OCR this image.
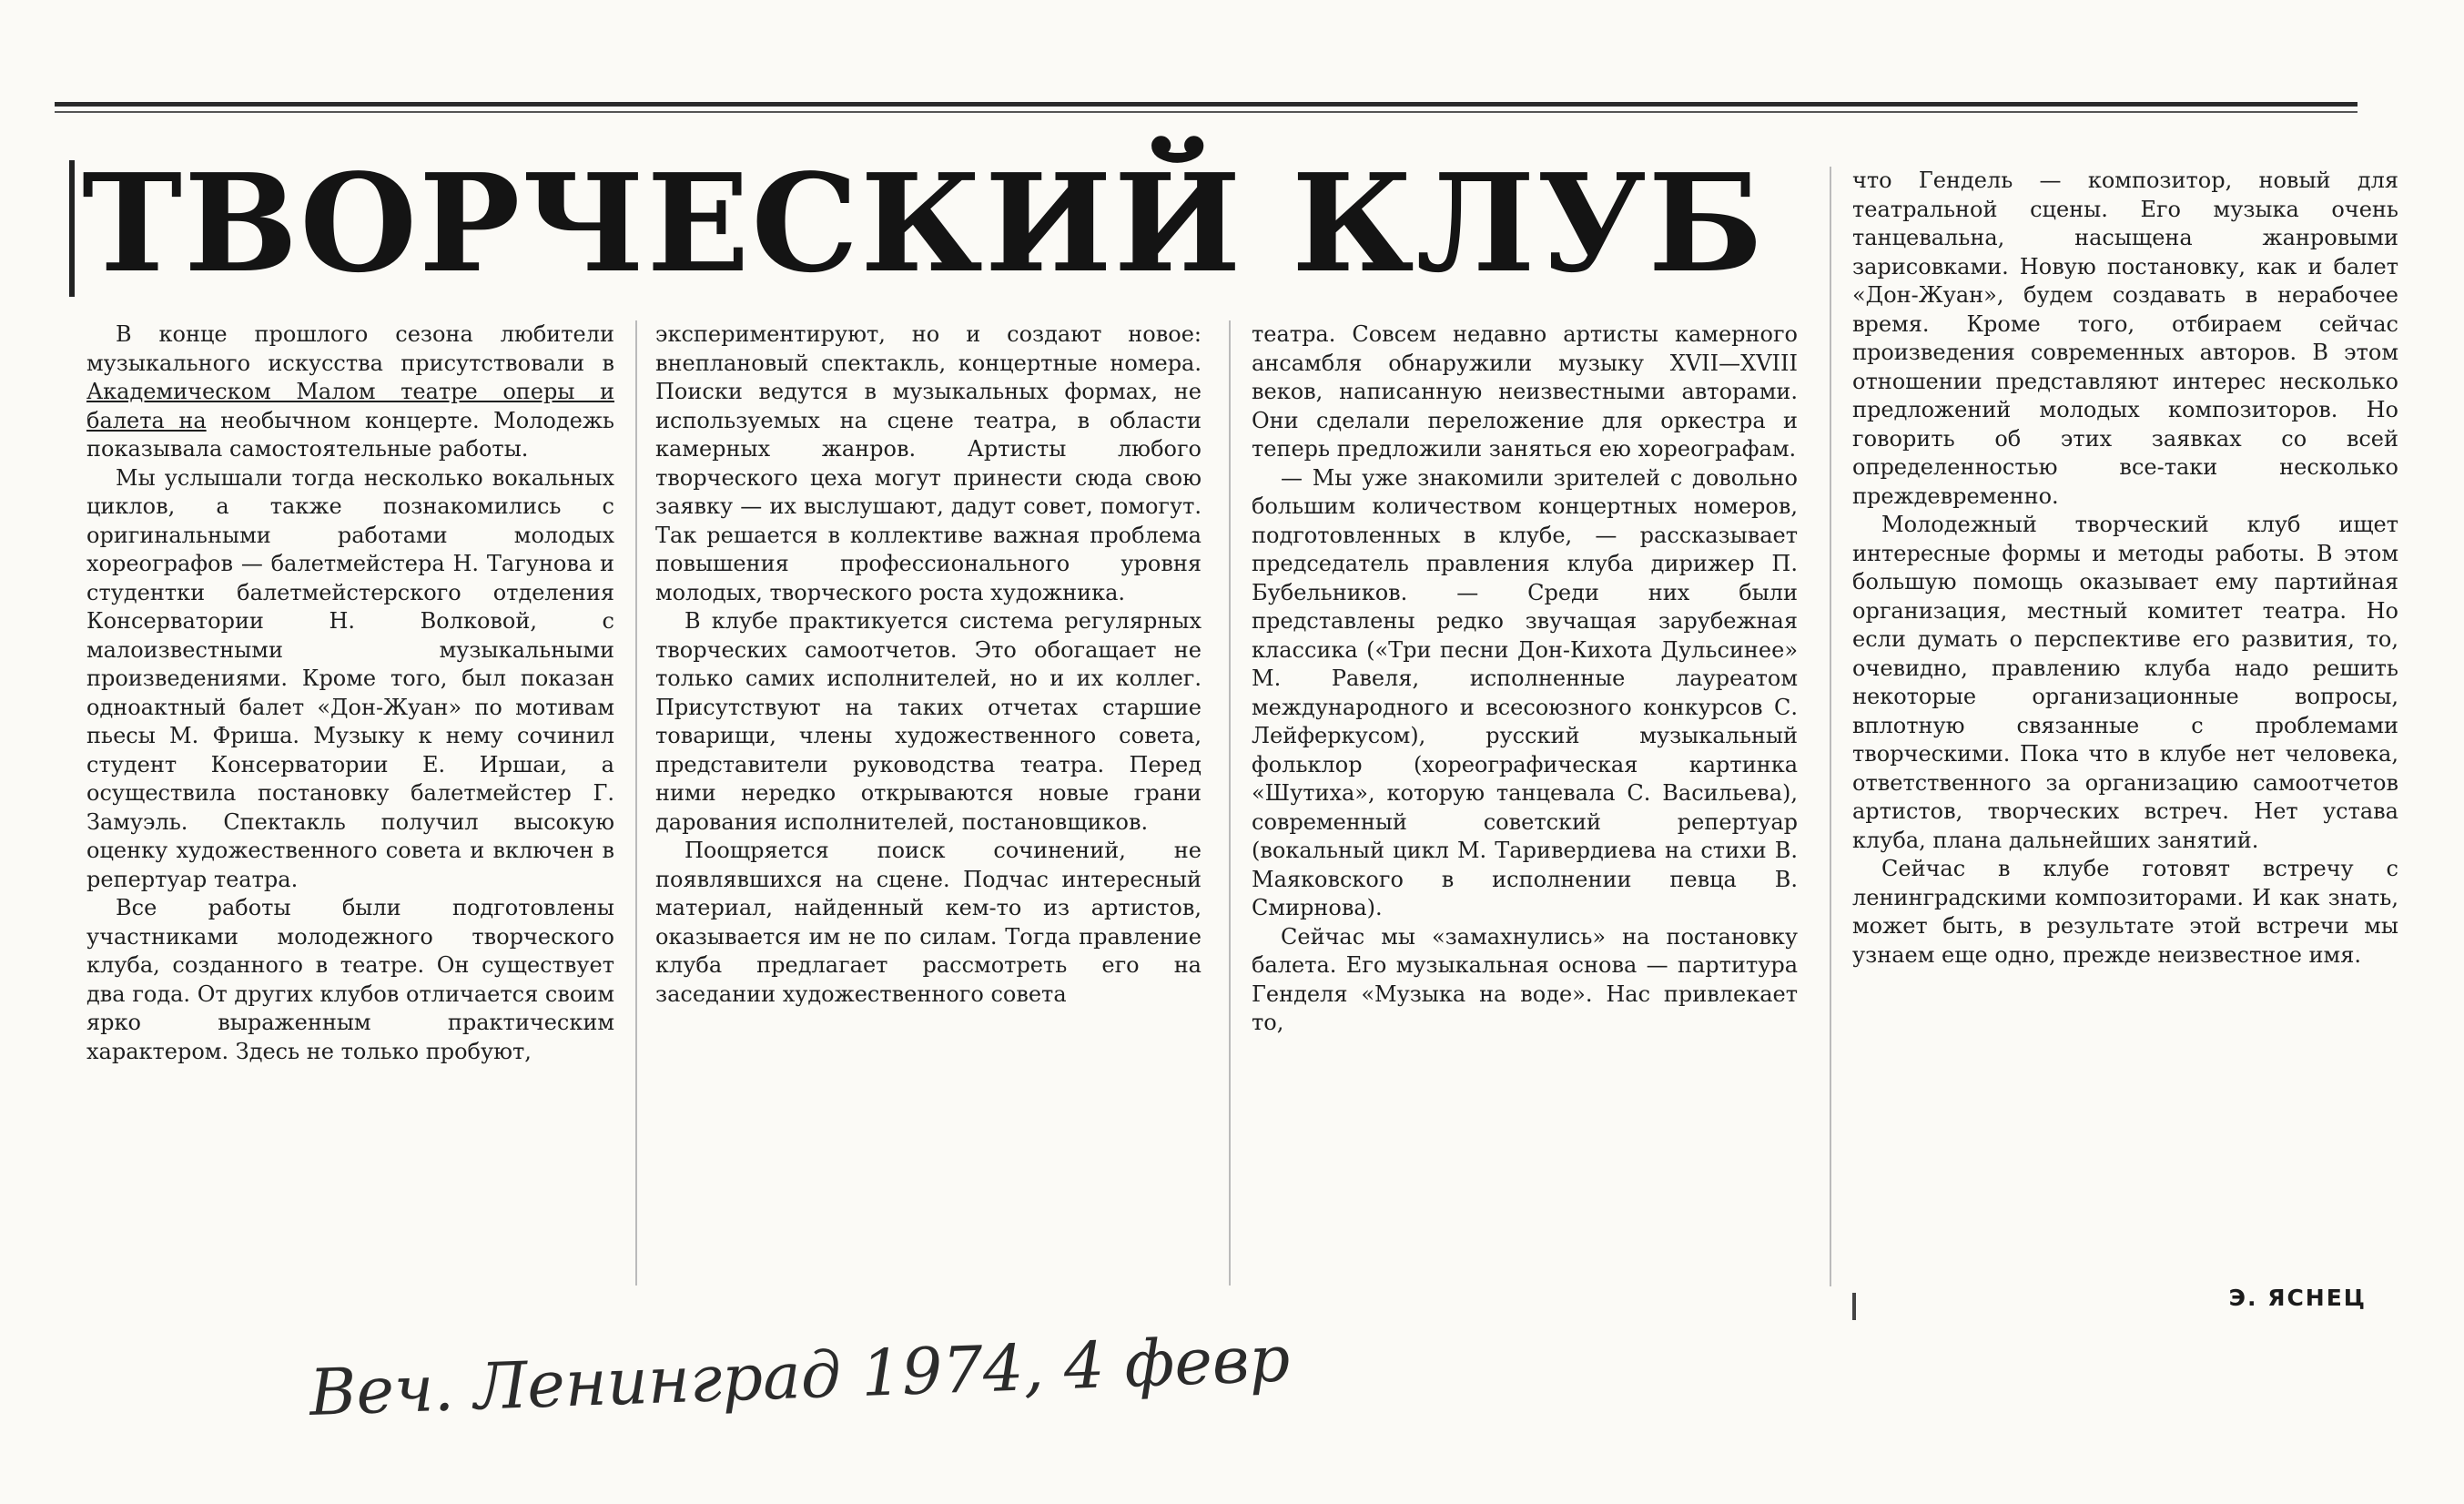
ТВОРЧЕСКИЙ КЛУБ

В конце прошлого сезона любители музыкального искусства присутствовали в Академическом Малом театре оперы и балета на необычном концерте. Молодежь показывала самостоятельные работы.

Мы услышали тогда несколько вокальных циклов, а также познакомились с оригинальными работами молодых хореографов — балетмейстера Н. Тагунова и студентки балетмейстерского отделения Консерватории Н. Волковой, с малоизвестными музыкальными произведениями. Кроме того, был показан одноактный балет «Дон-Жуан» по мотивам пьесы М. Фриша. Музыку к нему сочинил студент Консерватории Е. Иршаи, а осуществила постановку балетмейстер Г. Замуэль. Спектакль получил высокую оценку художественного совета и включен в репертуар театра.

Все работы были подготовлены участниками молодежного творческого клуба, созданного в театре. Он существует два года. От других клубов отличается своим ярко выраженным практическим характером. Здесь не только пробуют,

экспериментируют, но и создают новое: внеплановый спектакль, концертные номера. Поиски ведутся в музыкальных формах, не используемых на сцене театра, в области камерных жанров. Артисты любого творческого цеха могут принести сюда свою заявку — их выслушают, дадут совет, помогут. Так решается в коллективе важная проблема повышения профессионального уровня молодых, творческого роста художника.

В клубе практикуется система регулярных творческих самоотчетов. Это обогащает не только самих исполнителей, но и их коллег. Присутствуют на таких отчетах старшие товарищи, члены художественного совета, представители руководства театра. Перед ними нередко открываются новые грани дарования исполнителей, постановщиков.

Поощряется поиск сочинений, не появлявшихся на сцене. Подчас интересный материал, найденный кем-то из артистов, оказывается им не по силам. Тогда правление клуба предлагает рассмотреть его на заседании художественного совета

театра. Совсем недавно артисты камерного ансамбля обнаружили музыку XVII—XVIII веков, написанную неизвестными авторами. Они сделали переложение для оркестра и теперь предложили заняться ею хореографам.

— Мы уже знакомили зрителей с довольно большим количеством концертных номеров, подготовленных в клубе, — рассказывает председатель правления клуба дирижер П. Бубельников. — Среди них были представлены редко звучащая зарубежная классика («Три песни Дон-Кихота Дульсинее» М. Равеля, исполненные лауреатом международного и всесоюзного конкурсов С. Лейферкусом), русский музыкальный фольклор (хореографическая картинка «Шутиха», которую танцевала С. Васильева), современный советский репертуар (вокальный цикл М. Таривердиева на стихи В. Маяковского в исполнении певца В. Смирнова).

Сейчас мы «замахнулись» на постановку балета. Его музыкальная основа — партитура Генделя «Музыка на воде». Нас привлекает то,

что Гендель — композитор, новый для театральной сцены. Его музыка очень танцевальна, насыщена жанровыми зарисовками. Новую постановку, как и балет «Дон-Жуан», будем создавать в нерабочее время. Кроме того, отбираем сейчас произведения современных авторов. В этом отношении представляют интерес несколько предложений молодых композиторов. Но говорить об этих заявках со всей определенностью все-таки несколько преждевременно.

Молодежный творческий клуб ищет интересные формы и методы работы. В этом большую помощь оказывает ему партийная организация, местный комитет театра. Но если думать о перспективе его развития, то, очевидно, правлению клуба надо решить некоторые организационные вопросы, вплотную связанные с проблемами творческими. Пока что в клубе нет человека, ответственного за организацию самоотчетов артистов, творческих встреч. Нет устава клуба, плана дальнейших занятий.

Сейчас в клубе готовят встречу с ленинградскими композиторами. И как знать, может быть, в результате этой встречи мы узнаем еще одно, прежде неизвестное имя.

Э. ЯСНЕЦ
Веч. Ленинград 1974, 4 февр
